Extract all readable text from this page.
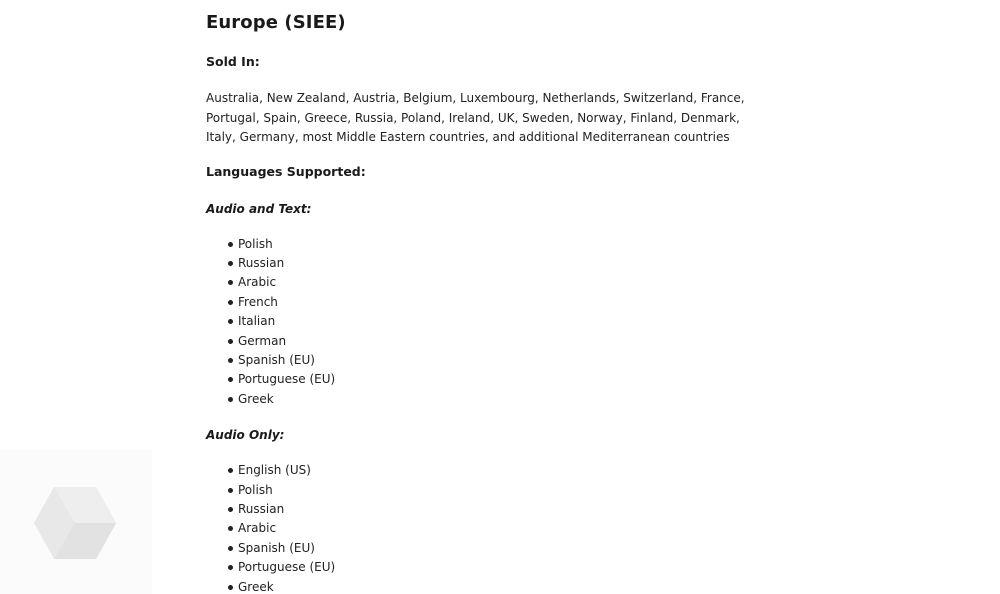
Europe (SIEE)

Sold In:

Australia, New Zealand, Austria, Belgium, Luxembourg, Netherlands, Switzerland, France, Portugal, Spain, Greece, Russia, Poland, Ireland, UK, Sweden, Norway, Finland, Denmark, Italy, Germany, most Middle Eastern countries, and additional Mediterranean countries

Languages Supported:

Audio and Text:

Polish
Russian
Arabic
French
Italian
German
Spanish (EU)
Portuguese (EU)
Greek

Audio Only:

English (US)
Polish
Russian
Arabic
Spanish (EU)
Portuguese (EU)
Greek
